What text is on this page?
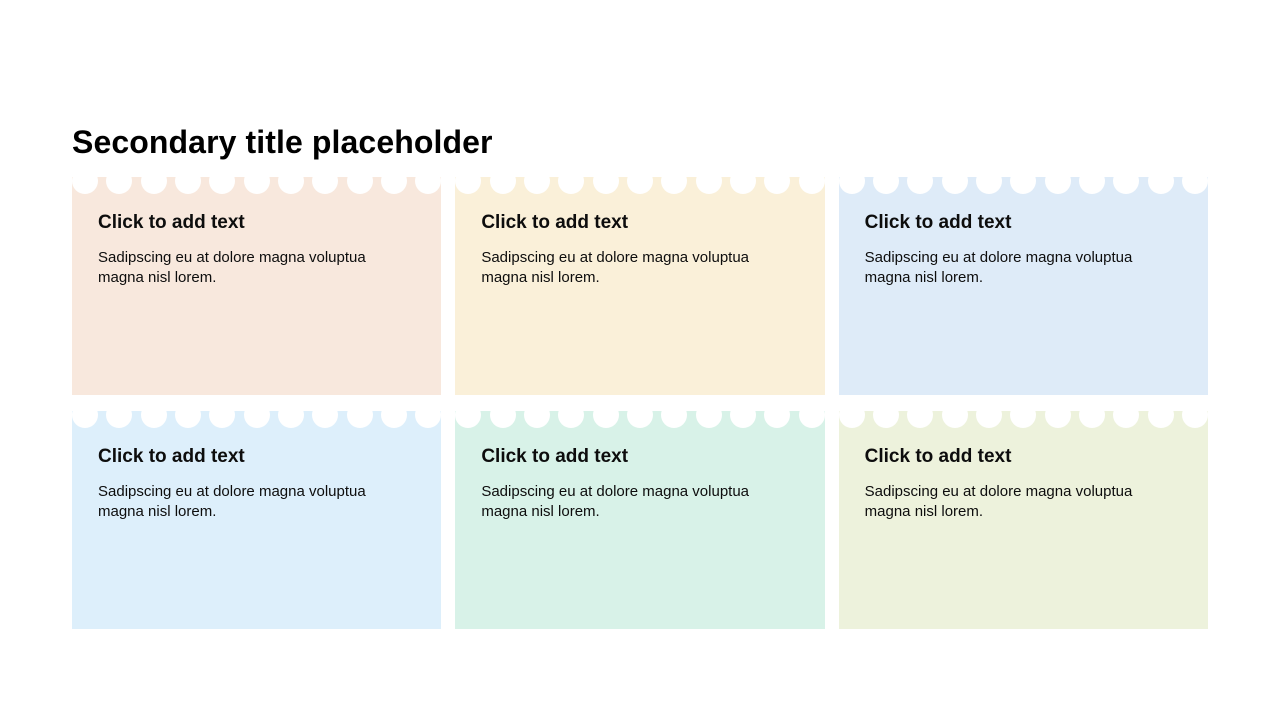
Secondary title placeholder
Click to add text

Sadipscing eu at dolore magna voluptua magna nisl lorem.

Click to add text

Sadipscing eu at dolore magna voluptua magna nisl lorem.

Click to add text

Sadipscing eu at dolore magna voluptua magna nisl lorem.

Click to add text

Sadipscing eu at dolore magna voluptua magna nisl lorem.

Click to add text

Sadipscing eu at dolore magna voluptua magna nisl lorem.

Click to add text

Sadipscing eu at dolore magna voluptua magna nisl lorem.
